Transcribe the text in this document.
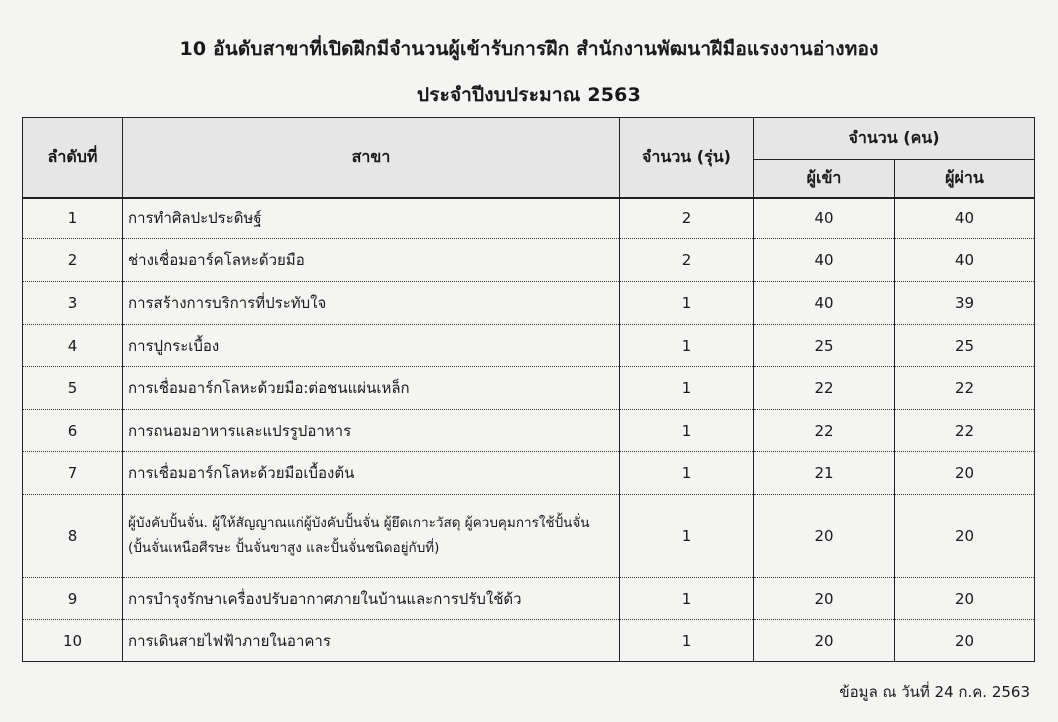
10 อันดับสาขาที่เปิดฝึกมีจำนวนผู้เข้ารับการฝึก สำนักงานพัฒนาฝีมือแรงงานอ่างทอง
ประจำปีงบประมาณ 2563
ลำดับที่	สาขา	จำนวน (รุ่น)	จำนวน (คน)	
			ผู้เข้า	ผู้ผ่าน
1	การทำศิลปะประดิษฐ์	2	40	40
2	ช่างเชื่อมอาร์คโลหะด้วยมือ	2	40	40
3	การสร้างการบริการที่ประทับใจ	1	40	39
4	การปูกระเบื้อง	1	25	25
5	การเชื่อมอาร์กโลหะด้วยมือ:ต่อชนแผ่นเหล็ก	1	22	22
6	การถนอมอาหารและแปรรูปอาหาร	1	22	22
7	การเชื่อมอาร์กโลหะด้วยมือเบื้องต้น	1	21	20
8	ผู้บังคับปั้นจั่น. ผู้ให้สัญญาณแก่ผู้บังคับปั้นจั่น ผู้ยึดเกาะวัสดุ ผู้ควบคุมการใช้ปั้นจั่น (ปั้นจั่นเหนือศีรษะ ปั้นจั่นขาสูง และปั้นจั่นชนิดอยู่กับที่)	1	20	20
9	การบำรุงรักษาเครื่องปรับอากาศภายในบ้านและการปรับใช้ด้ว	1	20	20
10	การเดินสายไฟฟ้าภายในอาคาร	1	20	20
ข้อมูล ณ วันที่ 24 ก.ค. 2563
